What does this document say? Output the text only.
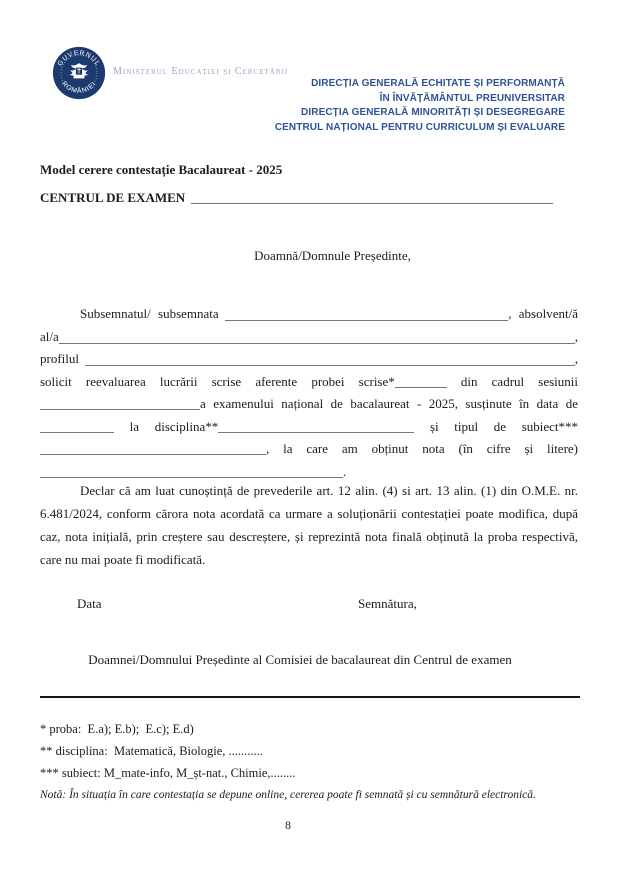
GUVERNUL
ROMÂNIEI
Ministerul Educației și Cercetării
DIRECȚIA GENERALĂ ECHITATE ȘI PERFORMANȚĂ
ÎN ÎNVĂȚĂMÂNTUL PREUNIVERSITAR
DIRECȚIA GENERALĂ MINORITĂȚI ȘI DESEGREGARE
CENTRUL NAȚIONAL PENTRU CURRICULUM ȘI EVALUARE
Model cerere contestație Bacalaureat - 2025
CENTRUL DE EXAMEN
Doamnă/Domnule Președinte,
Subsemnatul/ subsemnata	, absolvent/ă
al/a	,
profilul	,
solicit reevaluarea lucrării scrise aferente probei scrise*	din cadrul sesiunii
a examenului național de bacalaureat - 2025, susținute în data de
la disciplina**	și tipul de subiect***
, la care am obținut nota (în cifre și litere)
.
Declar că am luat cunoștință de prevederile art. 12 alin. (4) si art. 13 alin. (1) din O.M.E. nr. 6.481/2024, conform cărora nota acordată ca urmare a soluționării contestației poate modifica, după caz, nota inițială, prin creștere sau descreștere, și reprezintă nota finală obținută la proba respectivă, care nu mai poate fi modificată.
Data	Semnătura,
Doamnei/Domnului Președinte al Comisiei de bacalaureat din Centrul de examen
* proba:  E.a); E.b);  E.c); E.d)
** disciplina:  Matematică, Biologie, ...........
*** subiect: M_mate-info, M_șt-nat., Chimie,........
Notă: În situația în care contestația se depune online, cererea poate fi semnată și cu semnătură electronică.
8
